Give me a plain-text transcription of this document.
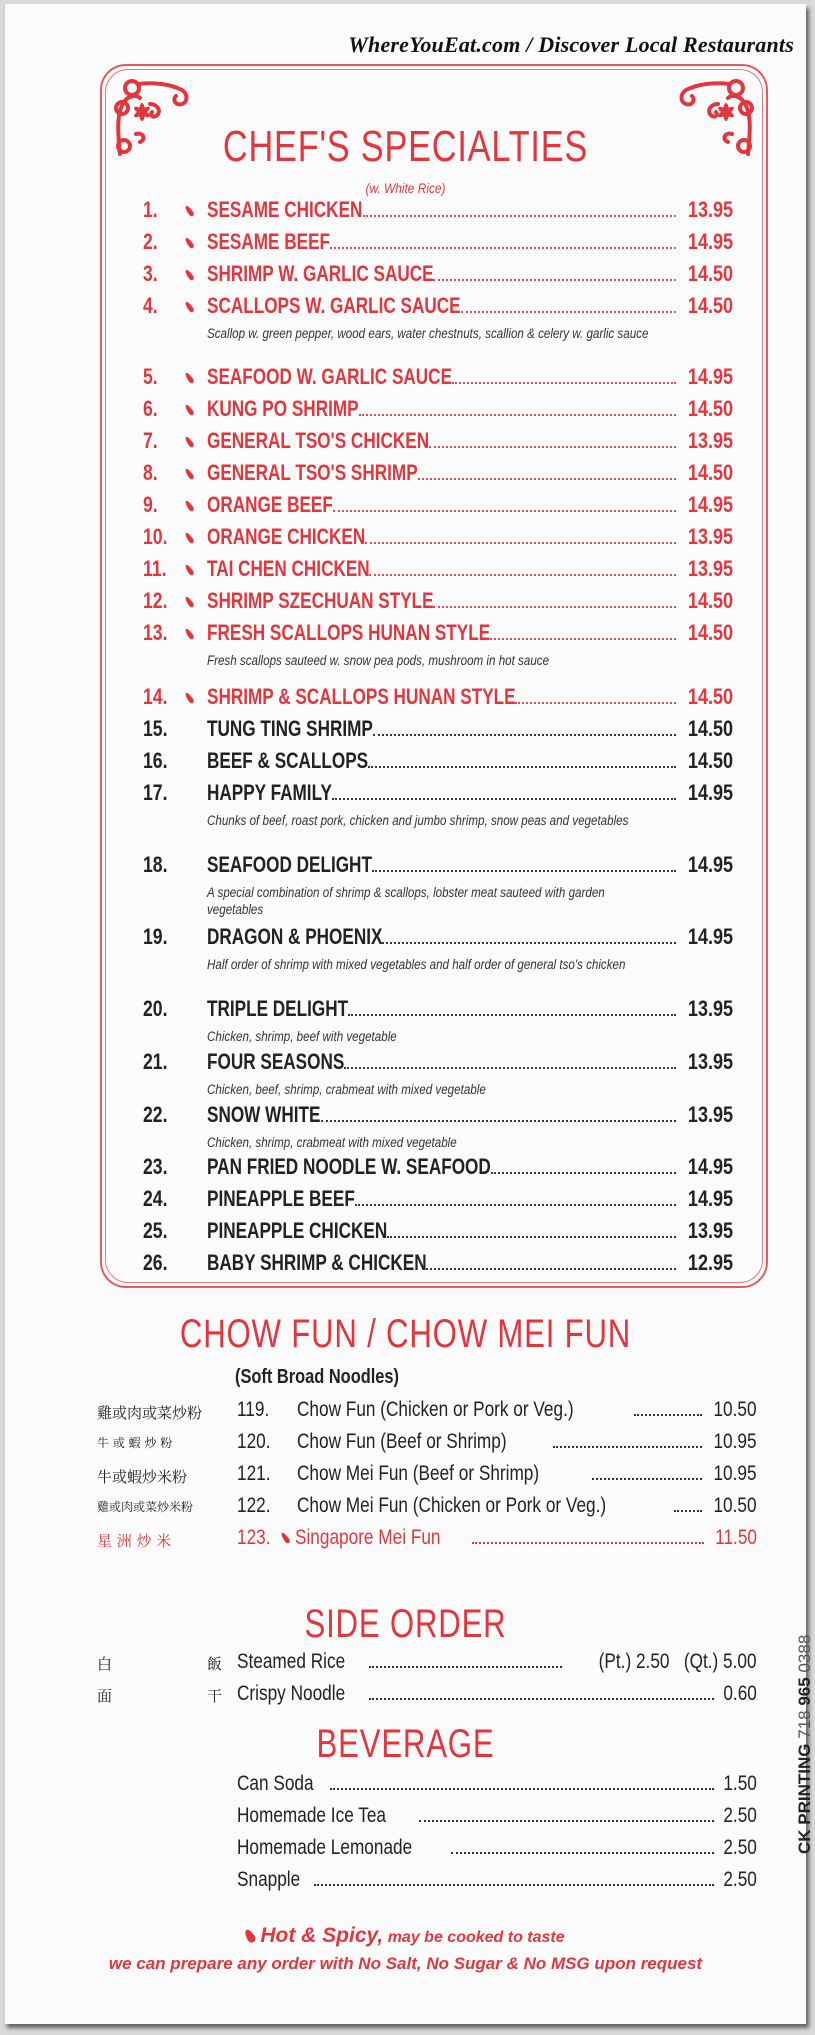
WhereYouEat.com / Discover Local Restaurants
CHEF'S SPECIALTIES
(w. White Rice)
1.	SESAME CHICKEN	13.95
2.	SESAME BEEF	14.95
3.	SHRIMP W. GARLIC SAUCE	14.50
4.	SCALLOPS W. GARLIC SAUCE	14.50
Scallop w. green pepper, wood ears, water chestnuts, scallion & celery w. garlic sauce
5.	SEAFOOD W. GARLIC SAUCE	14.95
6.	KUNG PO SHRIMP	14.50
7.	GENERAL TSO'S CHICKEN	13.95
8.	GENERAL TSO'S SHRIMP	14.50
9.	ORANGE BEEF	14.95
10.	ORANGE CHICKEN	13.95
11.	TAI CHEN CHICKEN	13.95
12.	SHRIMP SZECHUAN STYLE	14.50
13.	FRESH SCALLOPS HUNAN STYLE	14.50
Fresh scallops sauteed w. snow pea pods, mushroom in hot sauce
14.	SHRIMP & SCALLOPS HUNAN STYLE	14.50
15.	TUNG TING SHRIMP	14.50
16.	BEEF & SCALLOPS	14.50
17.	HAPPY FAMILY	14.95
Chunks of beef, roast pork, chicken and jumbo shrimp, snow peas and vegetables
18.	SEAFOOD DELIGHT	14.95
A special combination of shrimp & scallops, lobster meat sauteed with garden vegetables
19.	DRAGON & PHOENIX	14.95
Half order of shrimp with mixed vegetables and half order of general tso's chicken
20.	TRIPLE DELIGHT	13.95
Chicken, shrimp, beef with vegetable
21.	FOUR SEASONS	13.95
Chicken, beef, shrimp, crabmeat with mixed vegetable
22.	SNOW WHITE	13.95
Chicken, shrimp, crabmeat with mixed vegetable
23.	PAN FRIED NOODLE W. SEAFOOD	14.95
24.	PINEAPPLE BEEF	14.95
25.	PINEAPPLE CHICKEN	13.95
26.	BABY SHRIMP & CHICKEN	12.95
CHOW FUN / CHOW MEI FUN
(Soft Broad Noodles)
雞或肉或菜炒粉	119.	Chow Fun (Chicken or Pork or Veg.)	10.50
牛 或 蝦 炒 粉	120.	Chow Fun (Beef or Shrimp)	10.95
牛或蝦炒米粉	121.	Chow Mei Fun (Beef or Shrimp)	10.95
雞或肉或菜炒米粉	122.	Chow Mei Fun (Chicken or Pork or Veg.)	10.50
星 洲 炒 米	123.	Singapore Mei Fun	11.50
SIDE ORDER
白	飯 Steamed Rice	(Pt.) 2.50   (Qt.) 5.00
面	干 Crispy Noodle	0.60
BEVERAGE
Can Soda	1.50
Homemade Ice Tea	2.50
Homemade Lemonade	2.50
Snapple	2.50
Hot & Spicy, may be cooked to taste
we can prepare any order with No Salt, No Sugar & No MSG upon request
CK PRINTING 718 965 0388
